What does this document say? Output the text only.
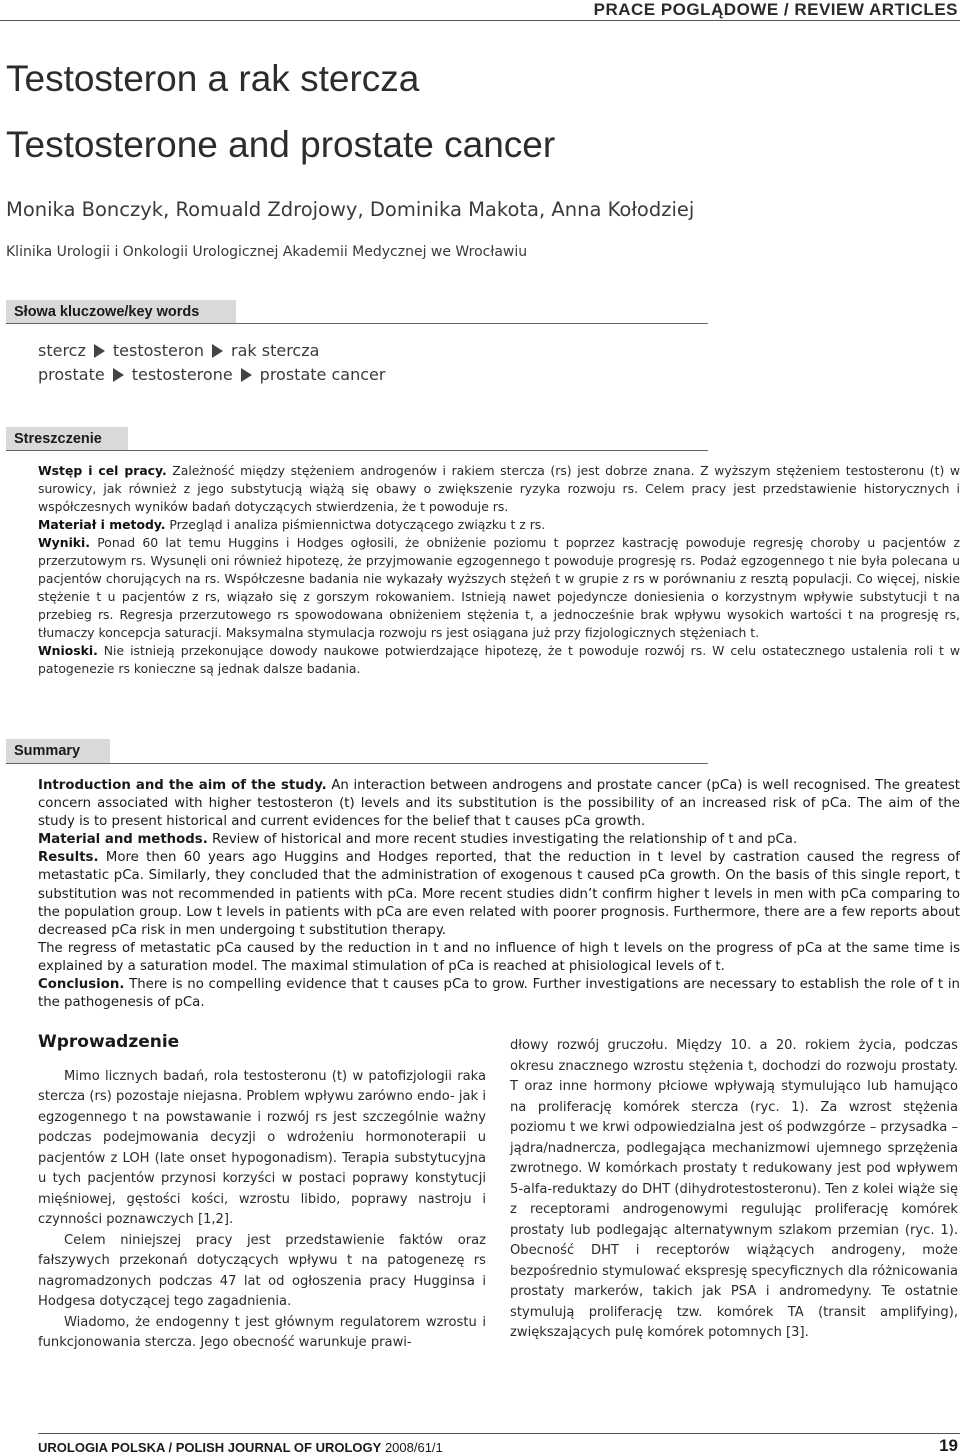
PRACE POGLĄDOWE / REVIEW ARTICLES
Testosteron a rak stercza
Testosterone and prostate cancer
Monika Bonczyk, Romuald Zdrojowy, Dominika Makota, Anna Kołodziej
Klinika Urologii i Onkologii Urologicznej Akademii Medycznej we Wrocławiu
Słowa kluczowe/key words
stercz testosteron rak stercza
prostate testosterone prostate cancer
Streszczenie

Wstęp i cel pracy. Zależność między stężeniem androgenów i rakiem stercza (rs) jest dobrze znana. Z wyższym stężeniem testosteronu (t) w surowicy, jak również z jego substytucją wiążą się obawy o zwiększenie ryzyka rozwoju rs. Celem pracy jest przedstawienie historycznych i współczesnych wyników badań dotyczących stwierdzenia, że t powoduje rs.

Materiał i metody. Przegląd i analiza piśmiennictwa dotyczącego związku t z rs.

Wyniki. Ponad 60 lat temu Huggins i Hodges ogłosili, że obniżenie poziomu t poprzez kastrację powoduje regresję choroby u pacjentów z przerzutowym rs. Wysunęli oni również hipotezę, że przyjmowanie egzogennego t powoduje progresję rs. Podaż egzogennego t nie była polecana u pacjentów chorujących na rs. Współczesne badania nie wykazały wyższych stężeń t w grupie z rs w porównaniu z resztą populacji. Co więcej, niskie stężenie t u pacjentów z rs, wiązało się z gorszym rokowaniem. Istnieją nawet pojedyncze doniesienia o korzystnym wpływie substytucji t na przebieg rs. Regresja przerzutowego rs spowodowana obniżeniem stężenia t, a jednocześnie brak wpływu wysokich wartości t na progresję rs, tłumaczy koncepcja saturacji. Maksymalna stymulacja rozwoju rs jest osiągana już przy fizjologicznych stężeniach t.

Wnioski. Nie istnieją przekonujące dowody naukowe potwierdzające hipotezę, że t powoduje rozwój rs. W celu ostatecznego ustalenia roli t w patogenezie rs konieczne są jednak dalsze badania.

Summary

Introduction and the aim of the study. An interaction between androgens and prostate cancer (pCa) is well recognised. The greatest concern associated with higher testosteron (t) levels and its substitution is the possibility of an increased risk of pCa. The aim of the study is to present historical and current evidences for the belief that t causes pCa growth.

Material and methods. Review of historical and more recent studies investigating the relationship of t and pCa.

Results. More then 60 years ago Huggins and Hodges reported, that the reduction in t level by castration caused the regress of metastatic pCa. Similarly, they concluded that the administration of exogenous t caused pCa growth. On the basis of this single report, t substitution was not recommended in patients with pCa. More recent studies didn’t confirm higher t levels in men with pCa comparing to the population group. Low t levels in patients with pCa are even related with poorer prognosis. Furthermore, there are a few reports about decreased pCa risk in men undergoing t substitution therapy.

The regress of metastatic pCa caused by the reduction in t and no influence of high t levels on the progress of pCa at the same time is explained by a saturation model. The maximal stimulation of pCa is reached at phisiological levels of t.

Conclusion. There is no compelling evidence that t causes pCa to grow. Further investigations are necessary to establish the role of t in the pathogenesis of pCa.

Wprowadzenie

Mimo licznych badań, rola testosteronu (t) w patofizjologii raka stercza (rs) pozostaje niejasna. Problem wpływu zarówno endo- jak i egzogennego t na powstawanie i rozwój rs jest szczególnie ważny podczas podejmowania decyzji o wdrożeniu hormonoterapii u pacjentów z LOH (late onset hypogonadism). Terapia substytucyjna u tych pacjentów przynosi korzyści w postaci poprawy konstytucji mięśniowej, gęstości kości, wzrostu libido, poprawy nastroju i czynności poznawczych [1,2].

Celem niniejszej pracy jest przedstawienie faktów oraz fałszywych przekonań dotyczących wpływu t na patogenezę rs nagromadzonych podczas 47 lat od ogłoszenia pracy Hugginsa i Hodgesa dotyczącej tego zagadnienia.

Wiadomo, że endogenny t jest głównym regulatorem wzrostu i funkcjonowania stercza. Jego obecność warunkuje prawi-

dłowy rozwój gruczołu. Między 10. a 20. rokiem życia, podczas okresu znacznego wzrostu stężenia t, dochodzi do rozwoju prostaty. T oraz inne hormony płciowe wpływają stymulująco lub hamująco na proliferację komórek stercza (ryc. 1). Za wzrost stężenia poziomu t we krwi odpowiedzialna jest oś podwzgórze – przysadka – jądra/nadnercza, podlegająca mechanizmowi ujemnego sprzężenia zwrotnego. W komórkach prostaty t redukowany jest pod wpływem 5-alfa-reduktazy do DHT (dihydrotestosteronu). Ten z kolei wiąże się z receptorami androgenowymi regulując proliferację komórek prostaty lub podlegając alternatywnym szlakom przemian (ryc. 1). Obecność DHT i receptorów wiążących androgeny, może bezpośrednio stymulować ekspresję specyficznych dla różnicowania prostaty markerów, takich jak PSA i andromedyny. Te ostatnie stymulują proliferację tzw. komórek TA (transit amplifying), zwiększających pulę komórek potomnych [3].

UROLOGIA POLSKA / POLISH JOURNAL OF UROLOGY 2008/61/1	19
